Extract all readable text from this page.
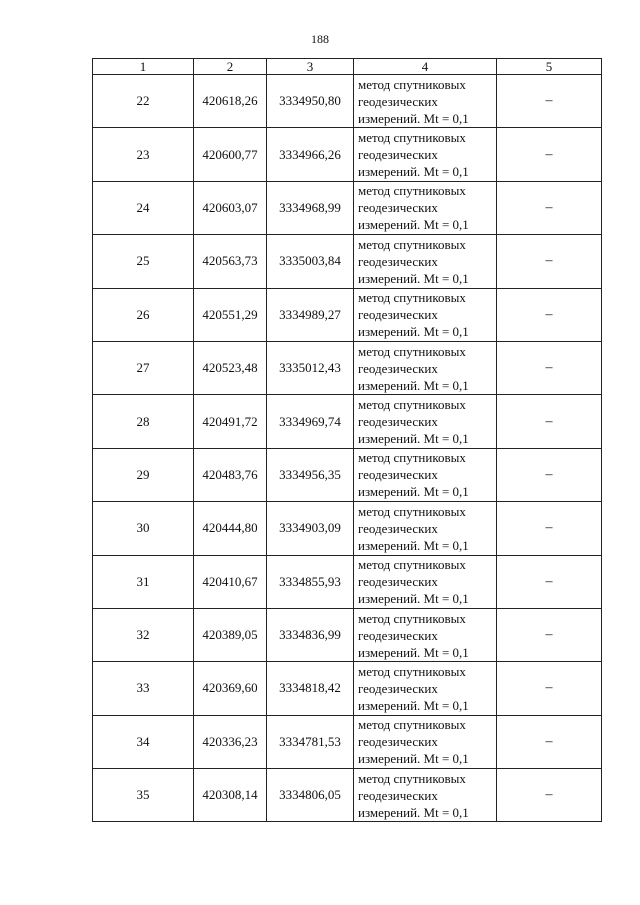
188
1	2	3	4	5
22	420618,26	3334950,80	метод спутниковых
геодезических
измерений. Mt = 0,1	–
23	420600,77	3334966,26	метод спутниковых
геодезических
измерений. Mt = 0,1	–
24	420603,07	3334968,99	метод спутниковых
геодезических
измерений. Mt = 0,1	–
25	420563,73	3335003,84	метод спутниковых
геодезических
измерений. Mt = 0,1	–
26	420551,29	3334989,27	метод спутниковых
геодезических
измерений. Mt = 0,1	–
27	420523,48	3335012,43	метод спутниковых
геодезических
измерений. Mt = 0,1	–
28	420491,72	3334969,74	метод спутниковых
геодезических
измерений. Mt = 0,1	–
29	420483,76	3334956,35	метод спутниковых
геодезических
измерений. Mt = 0,1	–
30	420444,80	3334903,09	метод спутниковых
геодезических
измерений. Mt = 0,1	–
31	420410,67	3334855,93	метод спутниковых
геодезических
измерений. Mt = 0,1	–
32	420389,05	3334836,99	метод спутниковых
геодезических
измерений. Mt = 0,1	–
33	420369,60	3334818,42	метод спутниковых
геодезических
измерений. Mt = 0,1	–
34	420336,23	3334781,53	метод спутниковых
геодезических
измерений. Mt = 0,1	–
35	420308,14	3334806,05	метод спутниковых
геодезических
измерений. Mt = 0,1	–
